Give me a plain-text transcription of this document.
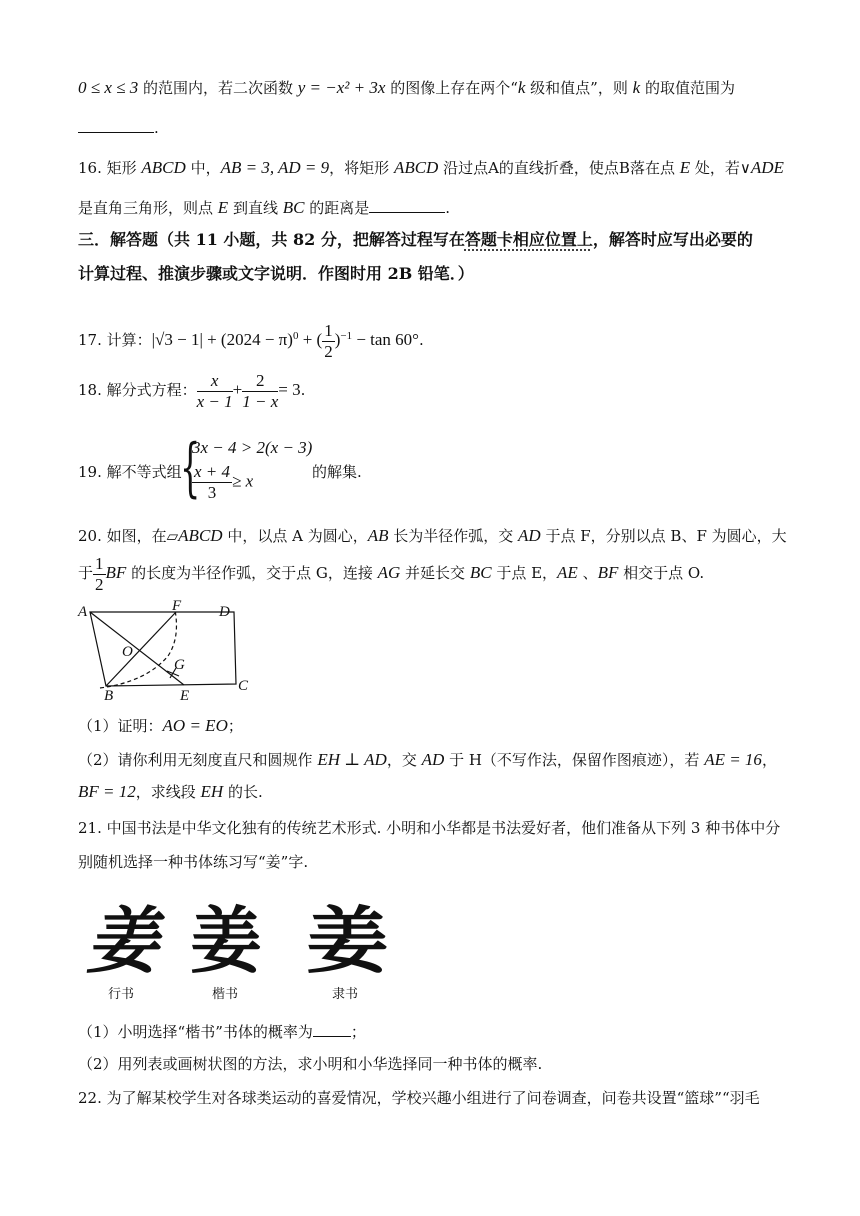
0 ≤ x ≤ 3 的范围内，若二次函数 y = −x² + 3x 的图像上存在两个“k 级和值点”，则 k 的取值范围为
.
16. 矩形 ABCD 中，AB = 3, AD = 9，将矩形 ABCD 沿过点A的直线折叠，使点B落在点 E 处，若∨ADE
是直角三角形，则点 E 到直线 BC 的距离是	.
三．解答题（共 11 小题，共 82 分，把解答过程写在答题卡相应位置上，解答时应写出必要的
计算过程、推演步骤或文字说明．作图时用 2B 铅笔．）
17. 计算：$|√3 - 1| + (2024 - \pi)^0$ + ( $\frac{1}{2} )^{-1} - \tan 60^\circ$.
18. 解分式方程： $\frac{x}{x - 1} + \frac{2}{1 - x} = 3$.
19. 解不等式组
{
3x − 4 > 2(x − 3)
$\frac{x + 4}{3} \ge x$	的解集.
20. 如图，在▱ABCD 中，以点 A 为圆心，AB 长为半径作弧，交 AD 于点 F，分别以点 B、F 为圆心，大
于 $\frac{1}{2}$ BF 的长度为半径作弧，交于点 G，连接 AG 并延长交 BC 于点 E，AE 、BF 相交于点 O.
A	F	D
O
G
B	E
C
（1）证明：AO = EO；
（2）请你利用无刻度直尺和圆规作 EH ⊥ AD，交 AD 于 H（不写作法，保留作图痕迹），若 AE = 16，
BF = 12，求线段 EH 的长.
21. 中国书法是中华文化独有的传统艺术形式. 小明和小华都是书法爱好者，他们准备从下列 3 种书体中分
别随机选择一种书体练习写“姜”字.
姜 姜 姜
行书	楷书	隶书
（1）小明选择“楷书”书体的概率为	；
（2）用列表或画树状图的方法，求小明和小华选择同一种书体的概率.
22. 为了解某校学生对各球类运动的喜爱情况，学校兴趣小组进行了问卷调查，问卷共设置“篮球”“羽毛
